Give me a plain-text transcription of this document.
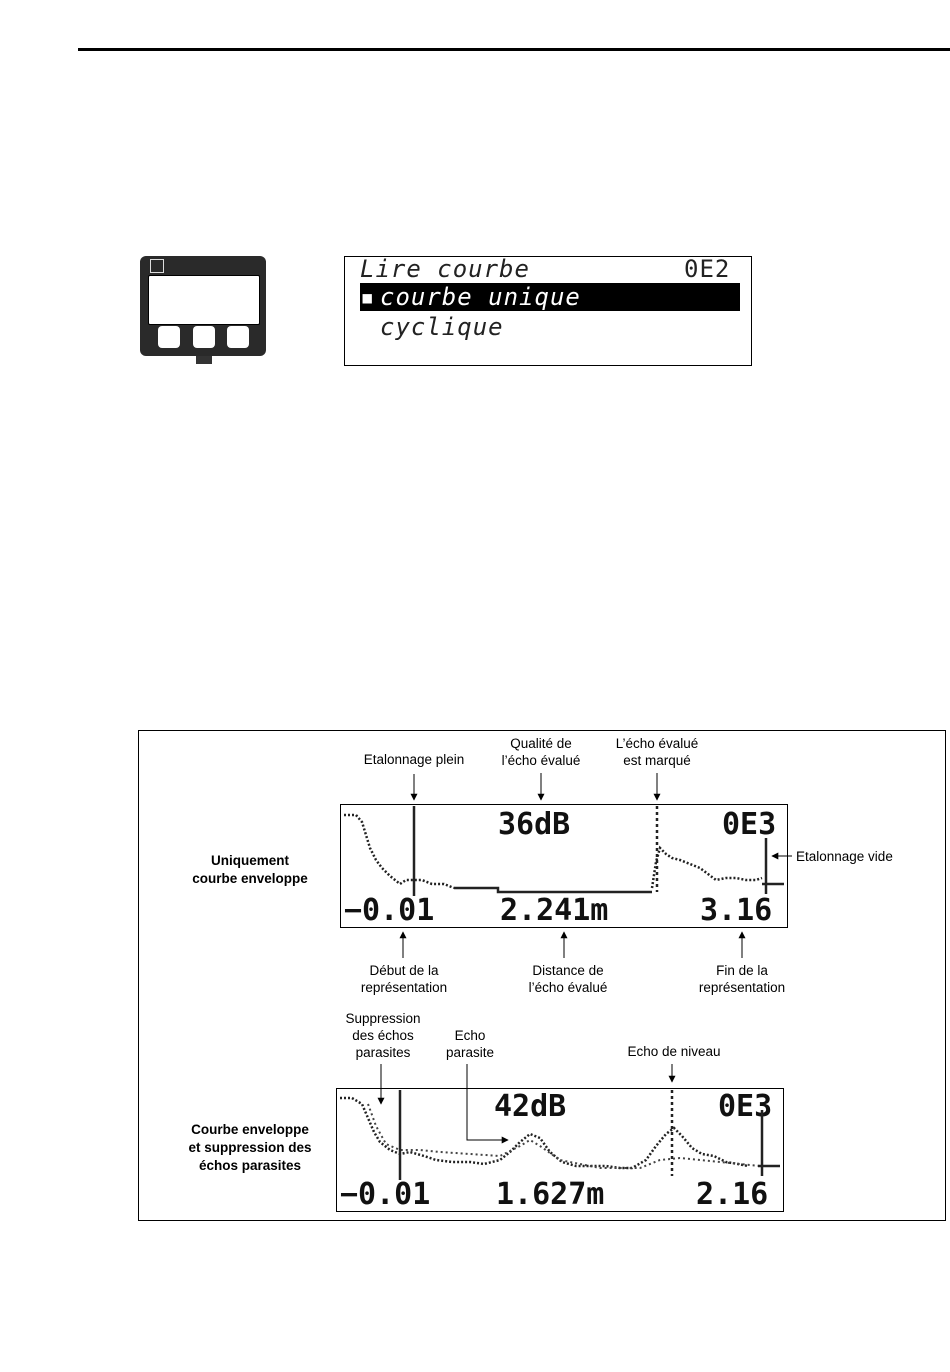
Lire courbe	0E2
▪ courbe unique
cyclique
Uniquement
courbe enveloppe
Etalonnage plein
Qualité de
l’écho évalué
L’écho évalué
est marqué
Etalonnage vide
Début de la
représentation
Distance de
l’écho évalué
Fin de la
représentation
36dB	0E3
−0.01 2.241m	3.16
Courbe enveloppe
et suppression des
échos parasites
Suppression
des échos
parasites
Echo
parasite	Echo de niveau
42dB	0E3
−0.01 1.627m	2.16
